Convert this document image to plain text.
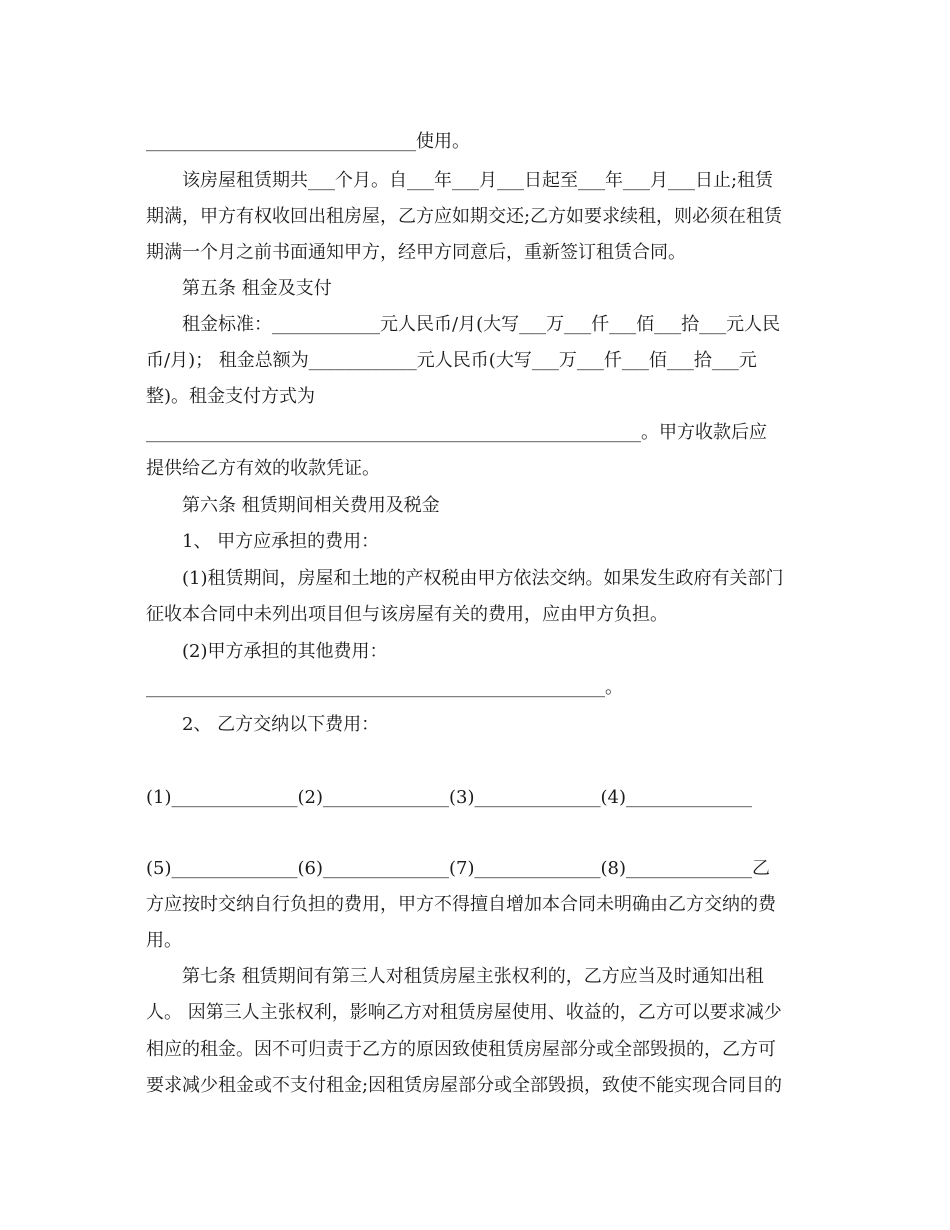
______________________________使用。
该房屋租赁期共___个月。自___年___月___日起至___年___月___日止;租赁
期满，甲方有权收回出租房屋，乙方应如期交还;乙方如要求续租，则必须在租赁
期满一个月之前书面通知甲方，经甲方同意后，重新签订租赁合同。
第五条 租金及支付
租金标准：____________元人民币/月(大写___万___仟___佰___拾___元人民
币/月)； 租金总额为____________元人民币(大写___万___仟___佰___拾___元
整)。租金支付方式为
_______________________________________________________。甲方收款后应
提供给乙方有效的收款凭证。
第六条 租赁期间相关费用及税金
1、 甲方应承担的费用：
(1)租赁期间，房屋和土地的产权税由甲方依法交纳。如果发生政府有关部门
征收本合同中未列出项目但与该房屋有关的费用，应由甲方负担。
(2)甲方承担的其他费用：
___________________________________________________。
2、 乙方交纳以下费用：
(1)______________(2)______________(3)______________(4)______________
(5)______________(6)______________(7)______________(8)______________乙
方应按时交纳自行负担的费用，甲方不得擅自增加本合同未明确由乙方交纳的费
用。
第七条 租赁期间有第三人对租赁房屋主张权利的，乙方应当及时通知出租
人。 因第三人主张权利，影响乙方对租赁房屋使用、收益的，乙方可以要求减少
相应的租金。因不可归责于乙方的原因致使租赁房屋部分或全部毁损的，乙方可
要求减少租金或不支付租金;因租赁房屋部分或全部毁损，致使不能实现合同目的
